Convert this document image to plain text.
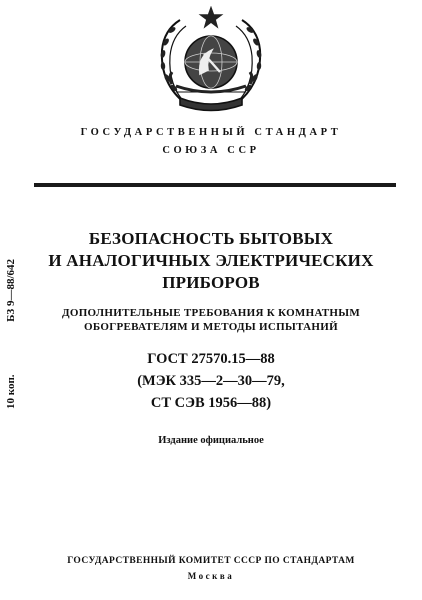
ГОСУДАРСТВЕННЫЙ СТАНДАРТ
СОЮЗА ССР
БЕЗОПАСНОСТЬ БЫТОВЫХ
И АНАЛОГИЧНЫХ ЭЛЕКТРИЧЕСКИХ
ПРИБОРОВ
ДОПОЛНИТЕЛЬНЫЕ ТРЕБОВАНИЯ К КОМНАТНЫМ
ОБОГРЕВАТЕЛЯМ И МЕТОДЫ ИСПЫТАНИЙ
ГОСТ 27570.15—88
(МЭК 335—2—30—79,
СТ СЭВ 1956—88)
Издание официальное
10 коп.
БЗ 9—88/642
ГОСУДАРСТВЕННЫЙ КОМИТЕТ СССР ПО СТАНДАРТАМ
Москва
